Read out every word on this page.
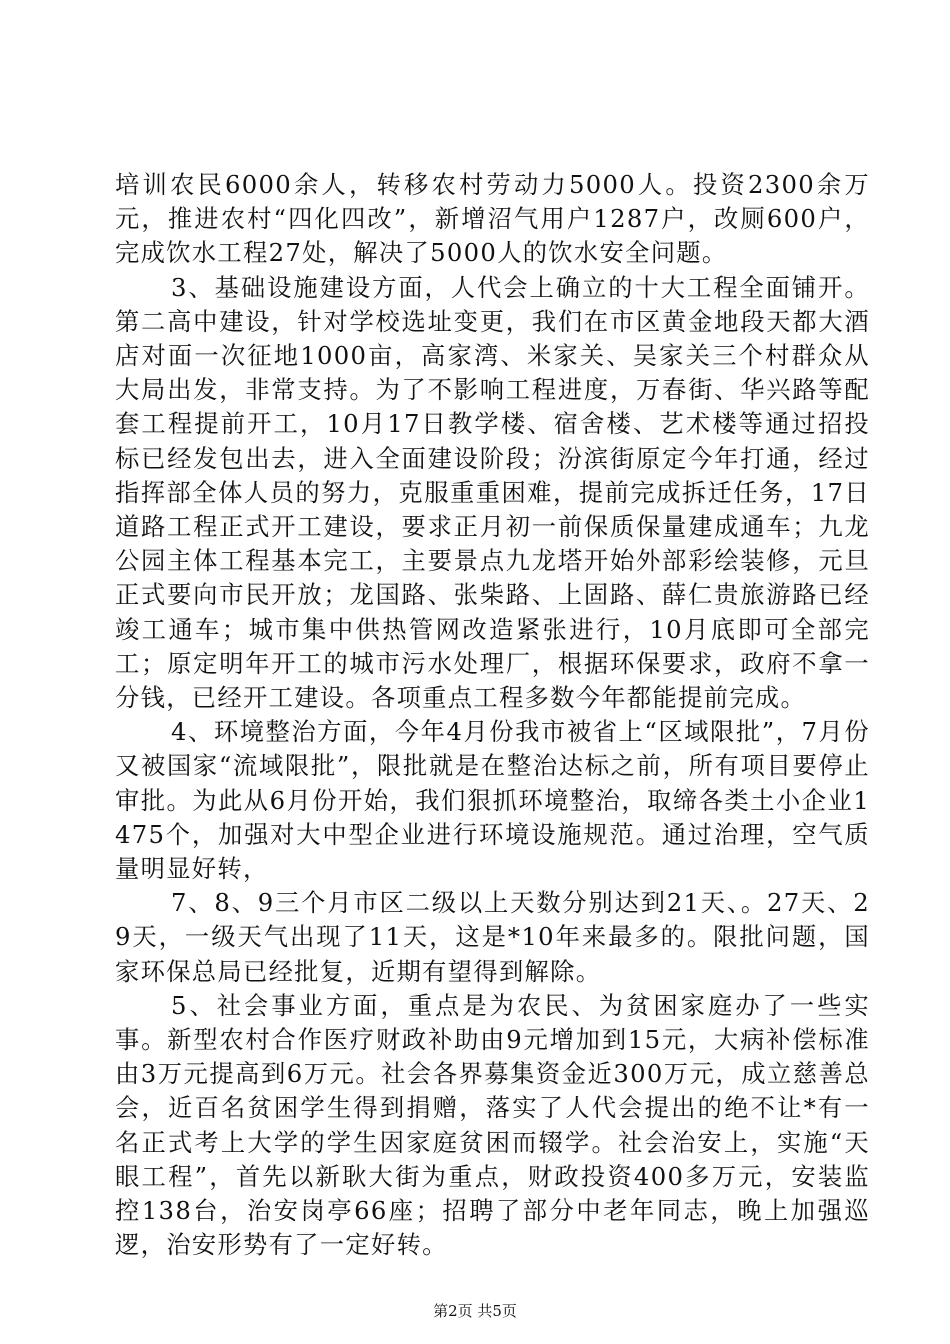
培训农民6000余人，转移农村劳动力5000人。投资2300余万元，推进农村“四化四改”，新增沼气用户1287户，改厕600户，完成饮水工程27处，解决了5000人的饮水安全问题。

3、基础设施建设方面，人代会上确立的十大工程全面铺开。第二高中建设，针对学校选址变更，我们在市区黄金地段天都大酒店对面一次征地1000亩，高家湾、米家关、吴家关三个村群众从大局出发，非常支持。为了不影响工程进度，万春街、华兴路等配套工程提前开工，10月17日教学楼、宿舍楼、艺术楼等通过招投标已经发包出去，进入全面建设阶段；汾滨街原定今年打通，经过指挥部全体人员的努力，克服重重困难，提前完成拆迁任务，17日道路工程正式开工建设，要求正月初一前保质保量建成通车；九龙公园主体工程基本完工，主要景点九龙塔开始外部彩绘装修，元旦正式要向市民开放；龙国路、张柴路、上固路、薛仁贵旅游路已经竣工通车；城市集中供热管网改造紧张进行，10月底即可全部完工；原定明年开工的城市污水处理厂，根据环保要求，政府不拿一分钱，已经开工建设。各项重点工程多数今年都能提前完成。

4、环境整治方面，今年4月份我市被省上“区域限批”，7月份又被国家“流域限批”，限批就是在整治达标之前，所有项目要停止审批。为此从6月份开始，我们狠抓环境整治，取缔各类土小企业1475个，加强对大中型企业进行环境设施规范。通过治理，空气质量明显好转，

7、8、9三个月市区二级以上天数分别达到21天、。27天、29天，一级天气出现了11天，这是*10年来最多的。限批问题，国家环保总局已经批复，近期有望得到解除。

5、社会事业方面，重点是为农民、为贫困家庭办了一些实事。新型农村合作医疗财政补助由9元增加到15元，大病补偿标准由3万元提高到6万元。社会各界募集资金近300万元，成立慈善总会，近百名贫困学生得到捐赠，落实了人代会提出的绝不让*有一名正式考上大学的学生因家庭贫困而辍学。社会治安上，实施“天眼工程”，首先以新耿大街为重点，财政投资400多万元，安装监控138台，治安岗亭66座；招聘了部分中老年同志，晚上加强巡逻，治安形势有了一定好转。

第2页 共5页
